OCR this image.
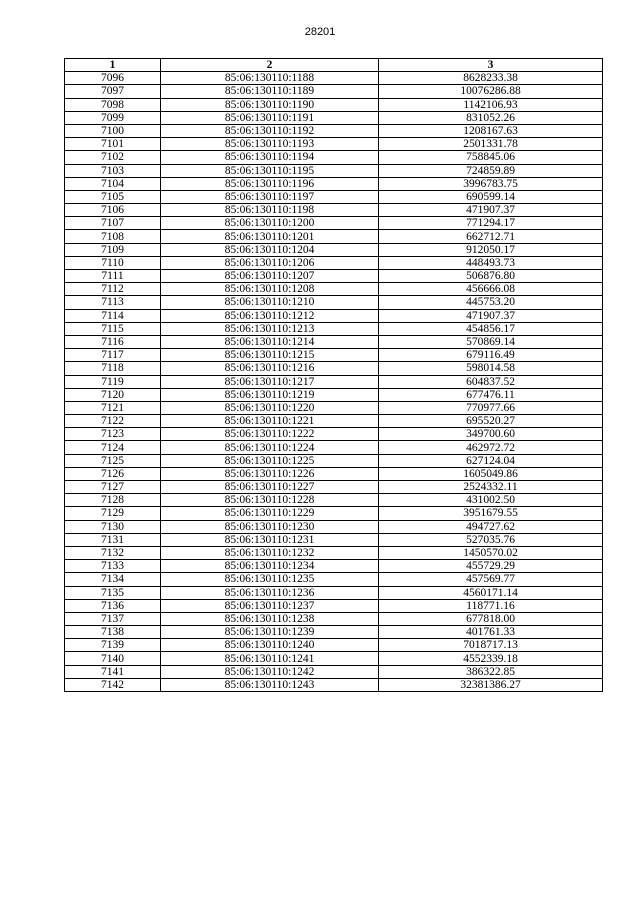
28201
1	2	3
7096	85:06:130110:1188	8628233.38
7097	85:06:130110:1189	10076286.88
7098	85:06:130110:1190	1142106.93
7099	85:06:130110:1191	831052.26
7100	85:06:130110:1192	1208167.63
7101	85:06:130110:1193	2501331.78
7102	85:06:130110:1194	758845.06
7103	85:06:130110:1195	724859.89
7104	85:06:130110:1196	3996783.75
7105	85:06:130110:1197	690599.14
7106	85:06:130110:1198	471907.37
7107	85:06:130110:1200	771294.17
7108	85:06:130110:1201	662712.71
7109	85:06:130110:1204	912050.17
7110	85:06:130110:1206	448493.73
7111	85:06:130110:1207	506876.80
7112	85:06:130110:1208	456666.08
7113	85:06:130110:1210	445753.20
7114	85:06:130110:1212	471907.37
7115	85:06:130110:1213	454856.17
7116	85:06:130110:1214	570869.14
7117	85:06:130110:1215	679116.49
7118	85:06:130110:1216	598014.58
7119	85:06:130110:1217	604837.52
7120	85:06:130110:1219	677476.11
7121	85:06:130110:1220	770977.66
7122	85:06:130110:1221	695520.27
7123	85:06:130110:1222	349700.60
7124	85:06:130110:1224	462972.72
7125	85:06:130110:1225	627124.04
7126	85:06:130110:1226	1605049.86
7127	85:06:130110:1227	2524332.11
7128	85:06:130110:1228	431002.50
7129	85:06:130110:1229	3951679.55
7130	85:06:130110:1230	494727.62
7131	85:06:130110:1231	527035.76
7132	85:06:130110:1232	1450570.02
7133	85:06:130110:1234	455729.29
7134	85:06:130110:1235	457569.77
7135	85:06:130110:1236	4560171.14
7136	85:06:130110:1237	118771.16
7137	85:06:130110:1238	677818.00
7138	85:06:130110:1239	401761.33
7139	85:06:130110:1240	7018717.13
7140	85:06:130110:1241	4552339.18
7141	85:06:130110:1242	386322.85
7142	85:06:130110:1243	32381386.27
